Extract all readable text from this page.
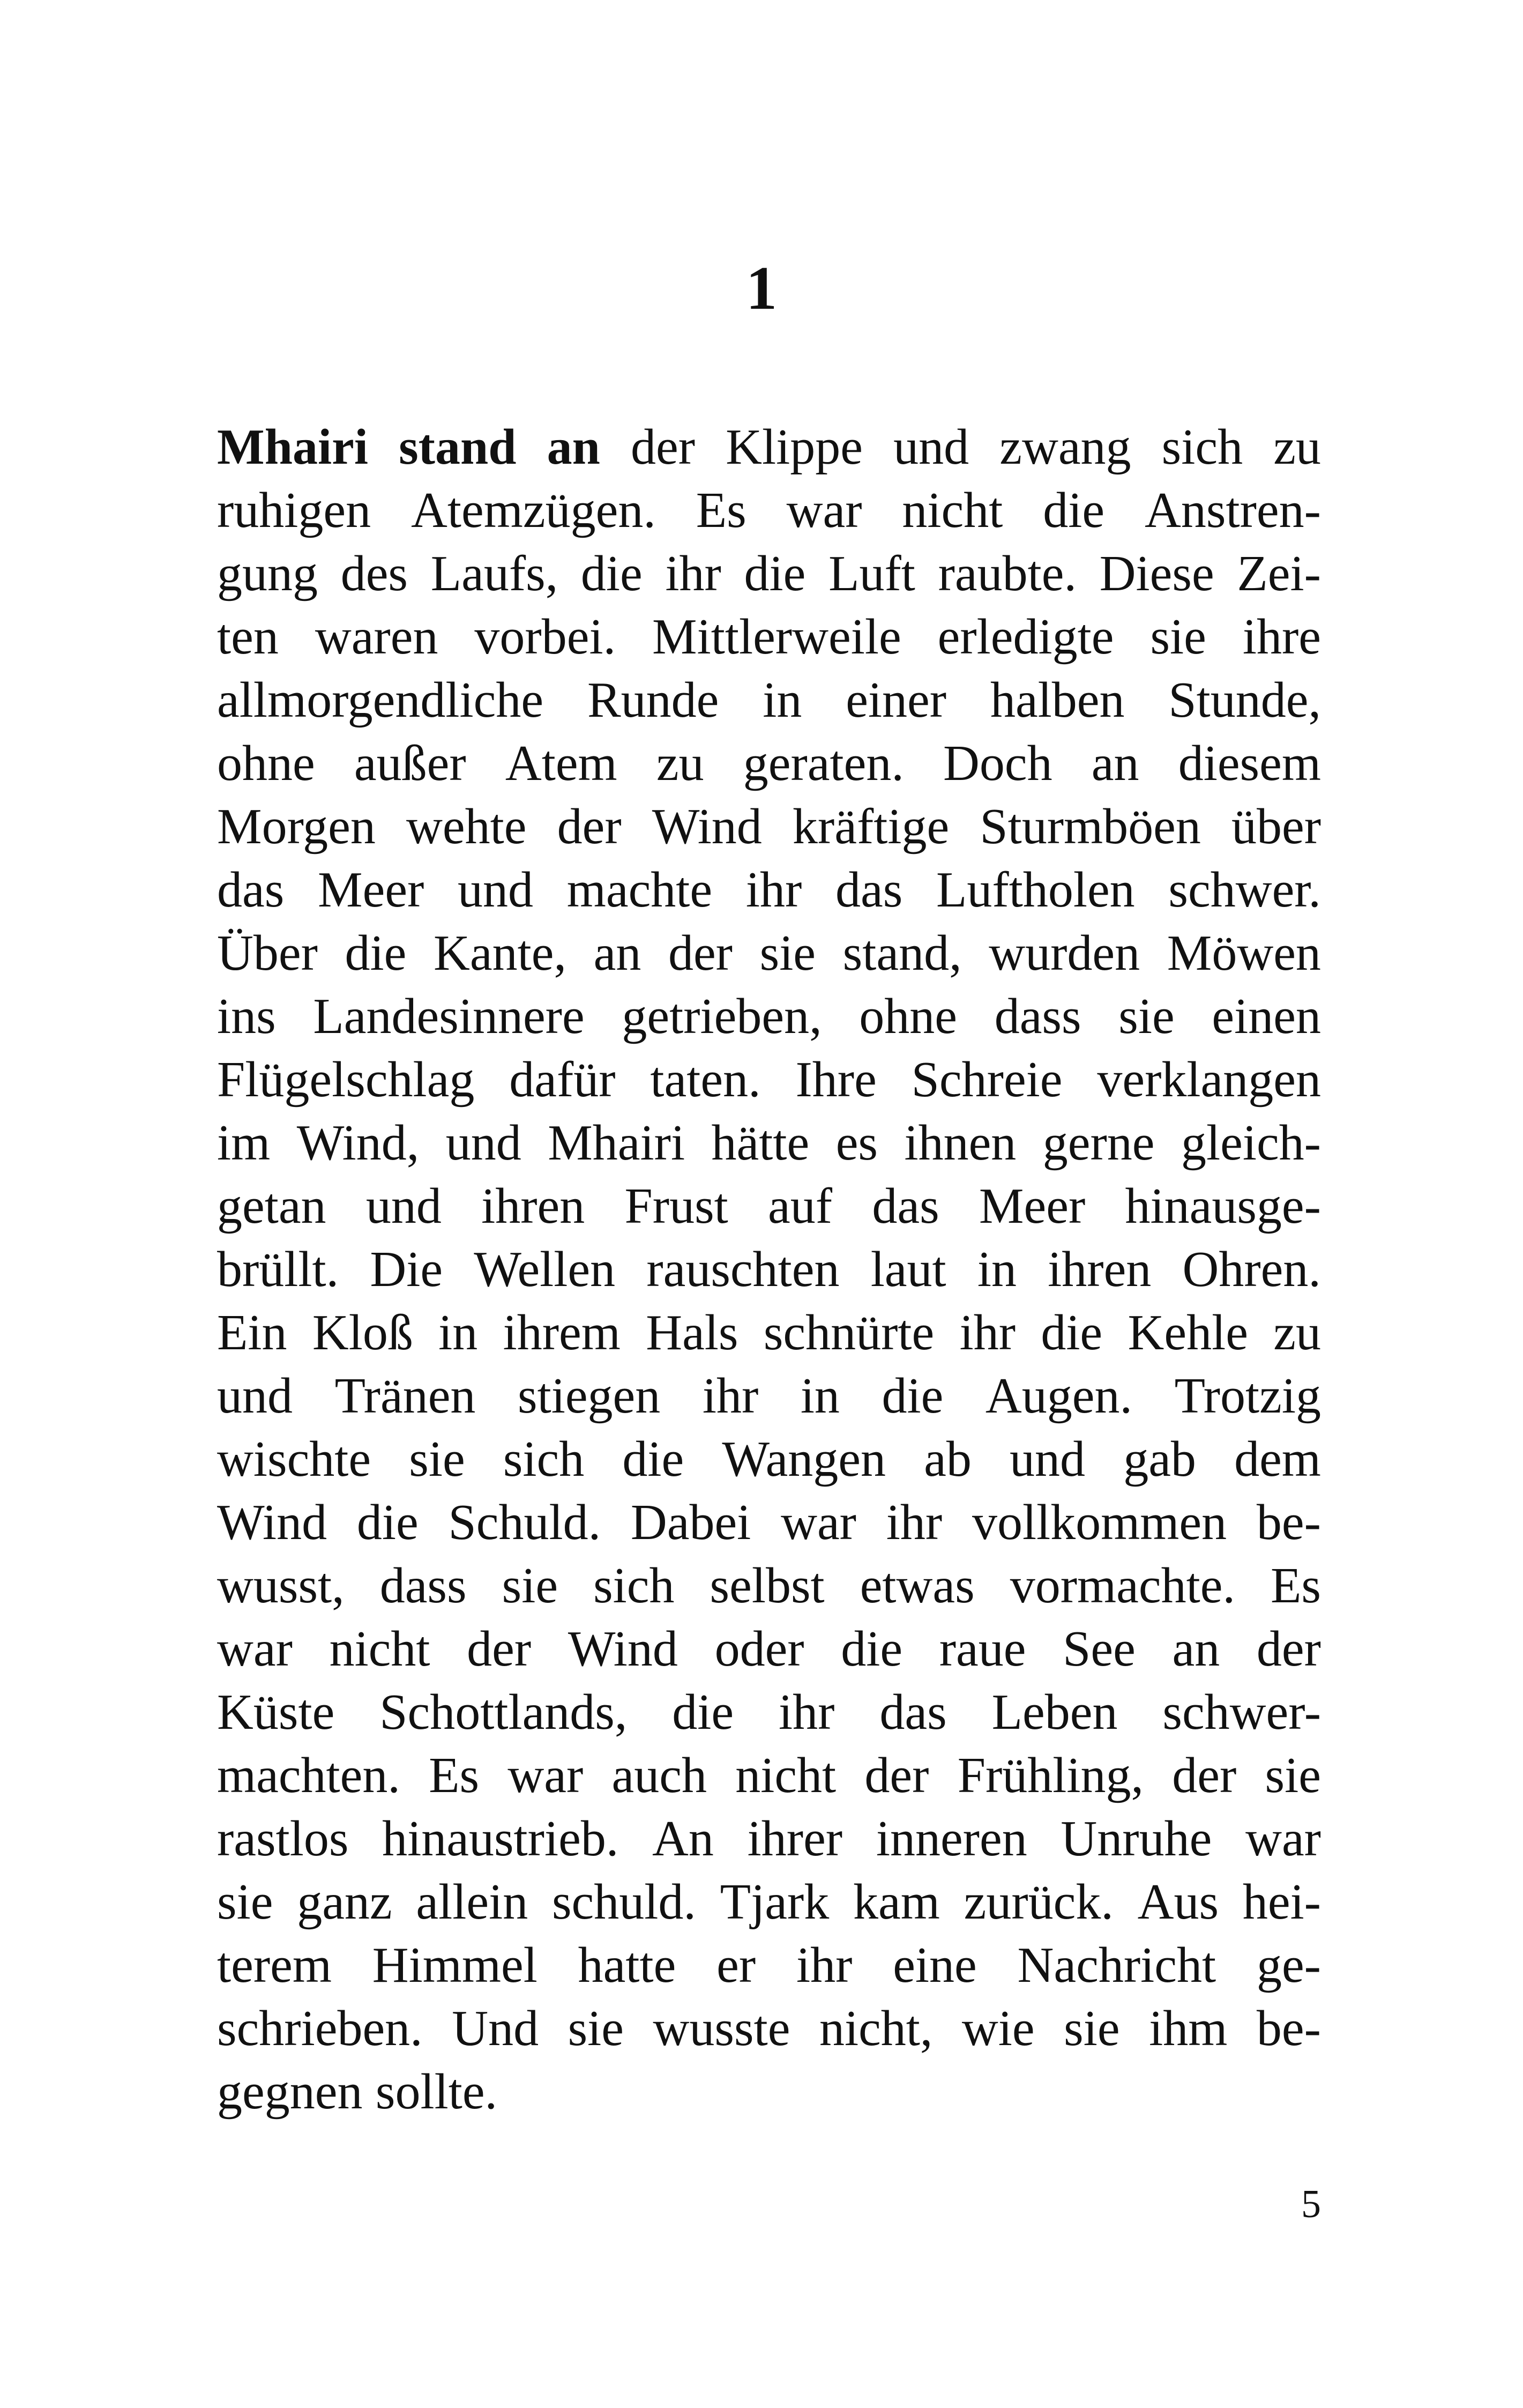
1
Mhairi stand an der Klippe und zwang sich zu
ruhigen Atemzügen. Es war nicht die Anstren-
gung des Laufs, die ihr die Luft raubte. Diese Zei-
ten waren vorbei. Mittlerweile erledigte sie ihre
allmorgendliche Runde in einer halben Stunde,
ohne außer Atem zu geraten. Doch an diesem
Morgen wehte der Wind kräftige Sturmböen über
das Meer und machte ihr das Luftholen schwer.
Über die Kante, an der sie stand, wurden Möwen
ins Landesinnere getrieben, ohne dass sie einen
Flügelschlag dafür taten. Ihre Schreie verklangen
im Wind, und Mhairi hätte es ihnen gerne gleich-
getan und ihren Frust auf das Meer hinausge-
brüllt. Die Wellen rauschten laut in ihren Ohren.
Ein Kloß in ihrem Hals schnürte ihr die Kehle zu
und Tränen stiegen ihr in die Augen. Trotzig
wischte sie sich die Wangen ab und gab dem
Wind die Schuld. Dabei war ihr vollkommen be-
wusst, dass sie sich selbst etwas vormachte. Es
war nicht der Wind oder die raue See an der
Küste Schottlands, die ihr das Leben schwer-
machten. Es war auch nicht der Frühling, der sie
rastlos hinaustrieb. An ihrer inneren Unruhe war
sie ganz allein schuld. Tjark kam zurück. Aus hei-
terem Himmel hatte er ihr eine Nachricht ge-
schrieben. Und sie wusste nicht, wie sie ihm be-
gegnen sollte.
5
